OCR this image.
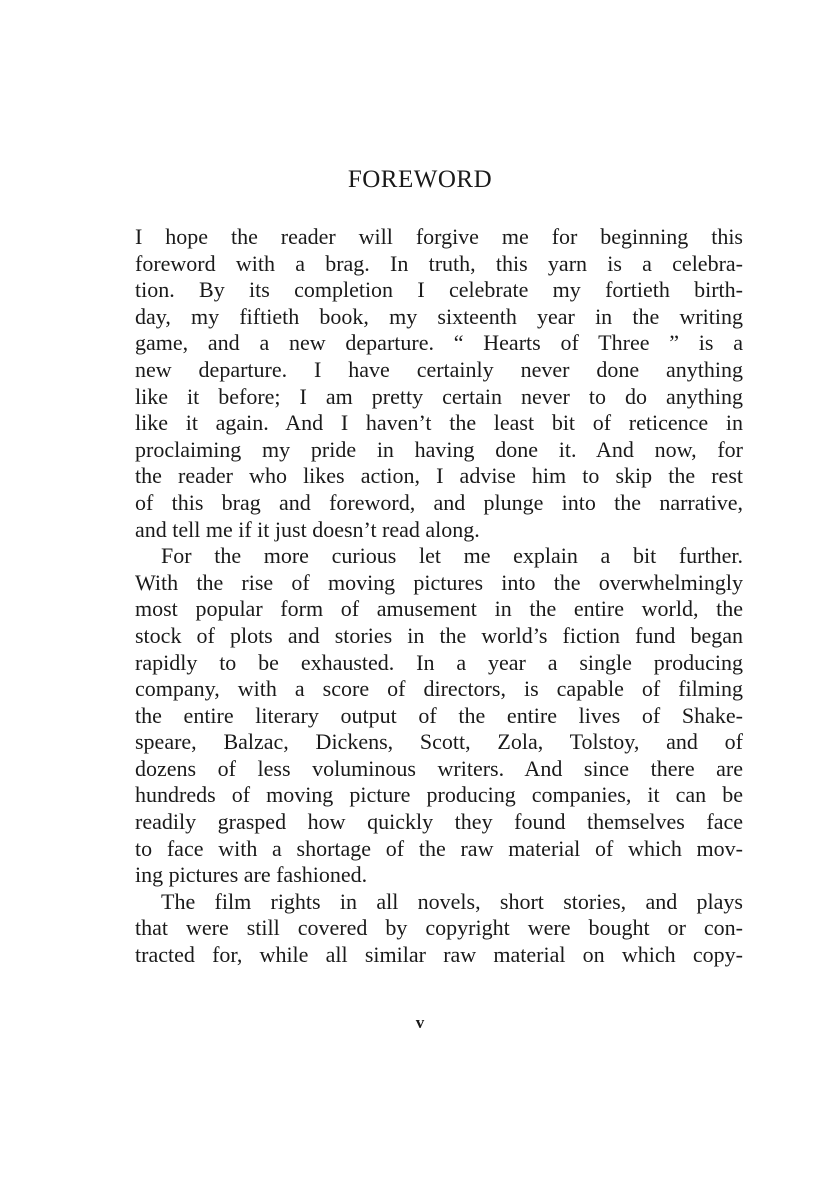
FOREWORD

I hope the reader will forgive me for beginning this
foreword with a brag. In truth, this yarn is a celebra-
tion. By its completion I celebrate my fortieth birth-
day, my fiftieth book, my sixteenth year in the writing
game, and a new departure. “ Hearts of Three ” is a
new departure. I have certainly never done anything
like it before; I am pretty certain never to do anything
like it again. And I haven’t the least bit of reticence in
proclaiming my pride in having done it. And now, for
the reader who likes action, I advise him to skip the rest
of this brag and foreword, and plunge into the narrative,
and tell me if it just doesn’t read along.

For the more curious let me explain a bit further.
With the rise of moving pictures into the overwhelmingly
most popular form of amusement in the entire world, the
stock of plots and stories in the world’s fiction fund began
rapidly to be exhausted. In a year a single producing
company, with a score of directors, is capable of filming
the entire literary output of the entire lives of Shake-
speare, Balzac, Dickens, Scott, Zola, Tolstoy, and of
dozens of less voluminous writers. And since there are
hundreds of moving picture producing companies, it can be
readily grasped how quickly they found themselves face
to face with a shortage of the raw material of which mov-
ing pictures are fashioned.

The film rights in all novels, short stories, and plays
that were still covered by copyright were bought or con-
tracted for, while all similar raw material on which copy-

v
